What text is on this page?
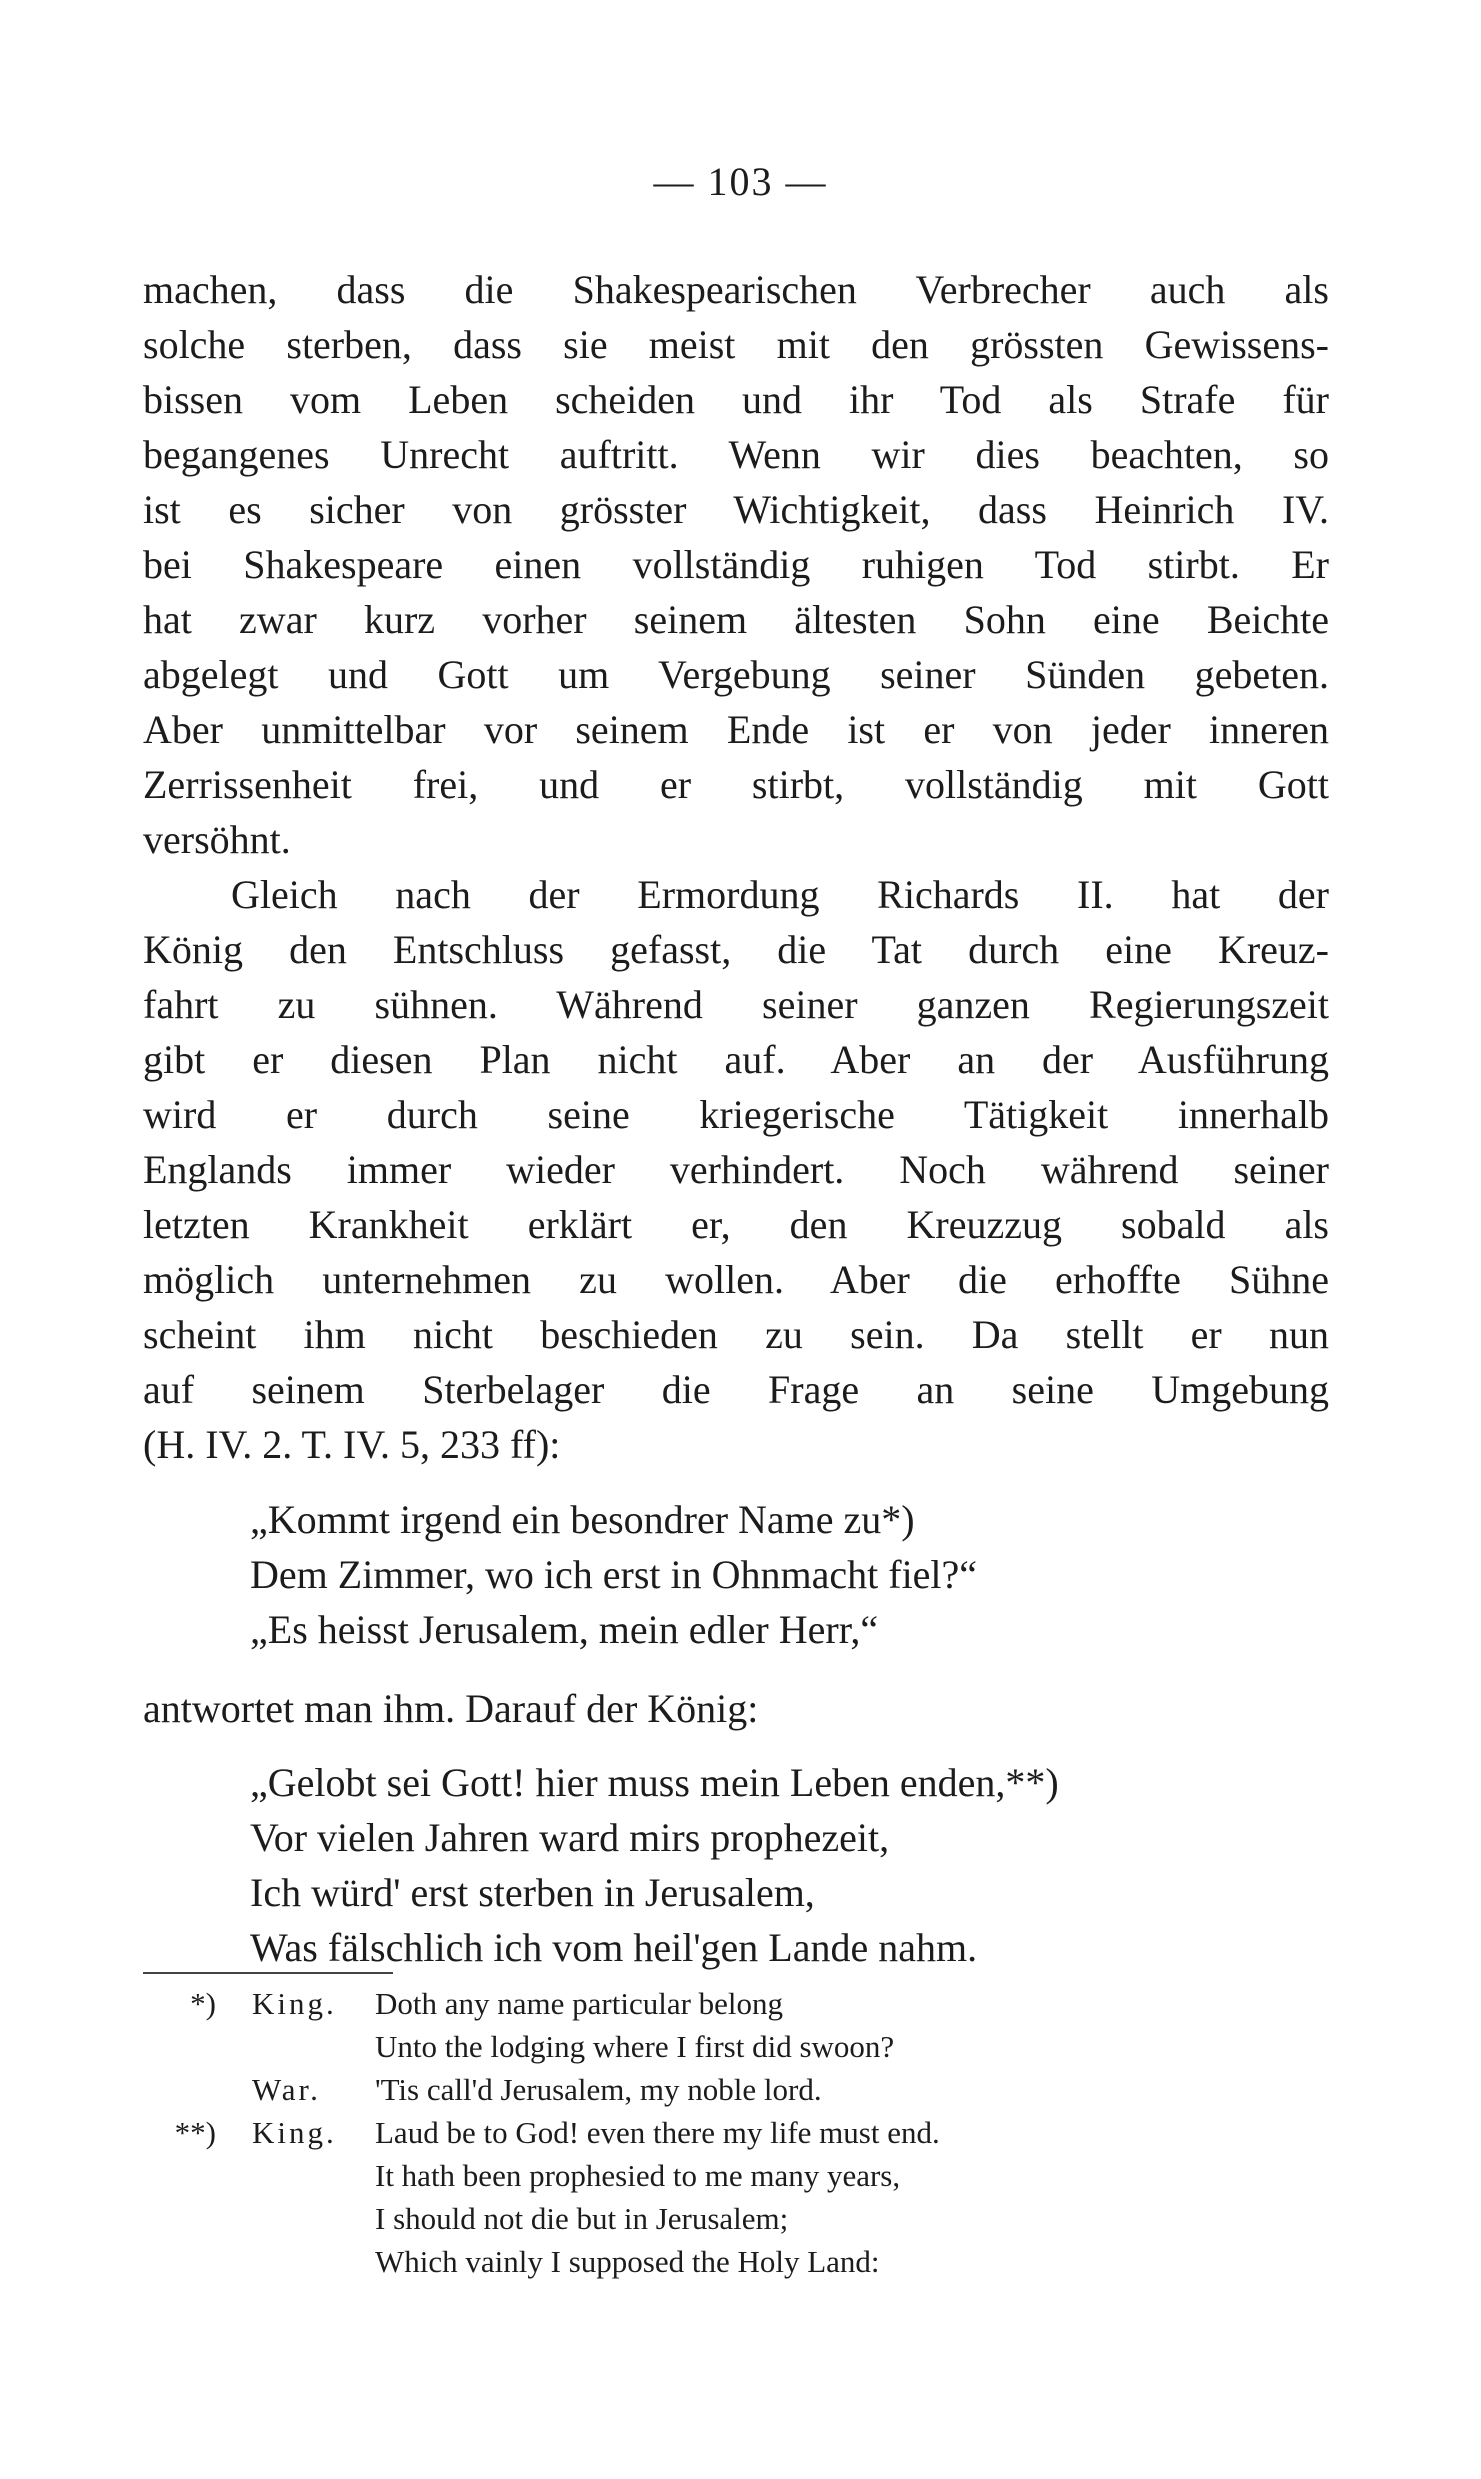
— 103 —
machen, dass die Shakespearischen Verbrecher auch als
solche sterben, dass sie meist mit den grössten Gewissens-
bissen vom Leben scheiden und ihr Tod als Strafe für
begangenes Unrecht auftritt. Wenn wir dies beachten, so
ist es sicher von grösster Wichtigkeit, dass Heinrich IV.
bei Shakespeare einen vollständig ruhigen Tod stirbt. Er
hat zwar kurz vorher seinem ältesten Sohn eine Beichte
abgelegt und Gott um Vergebung seiner Sünden gebeten.
Aber unmittelbar vor seinem Ende ist er von jeder inneren
Zerrissenheit frei, und er stirbt, vollständig mit Gott
versöhnt.
Gleich nach der Ermordung Richards II. hat der
König den Entschluss gefasst, die Tat durch eine Kreuz-
fahrt zu sühnen. Während seiner ganzen Regierungszeit
gibt er diesen Plan nicht auf. Aber an der Ausführung
wird er durch seine kriegerische Tätigkeit innerhalb
Englands immer wieder verhindert. Noch während seiner
letzten Krankheit erklärt er, den Kreuzzug sobald als
möglich unternehmen zu wollen. Aber die erhoffte Sühne
scheint ihm nicht beschieden zu sein. Da stellt er nun
auf seinem Sterbelager die Frage an seine Umgebung
(H. IV. 2. T. IV. 5, 233 ff):
„Kommt irgend ein besondrer Name zu*)
Dem Zimmer, wo ich erst in Ohnmacht fiel?“
„Es heisst Jerusalem, mein edler Herr,“
antwortet man ihm. Darauf der König:
„Gelobt sei Gott! hier muss mein Leben enden,**)
Vor vielen Jahren ward mirs prophezeit,
Ich würd' erst sterben in Jerusalem,
Was fälschlich ich vom heil'gen Lande nahm.
*) King. Doth any name particular belong
Unto the lodging where I first did swoon?
War. 'Tis call'd Jerusalem, my noble lord.
**) King. Laud be to God! even there my life must end.
It hath been prophesied to me many years,
I should not die but in Jerusalem;
Which vainly I supposed the Holy Land:
